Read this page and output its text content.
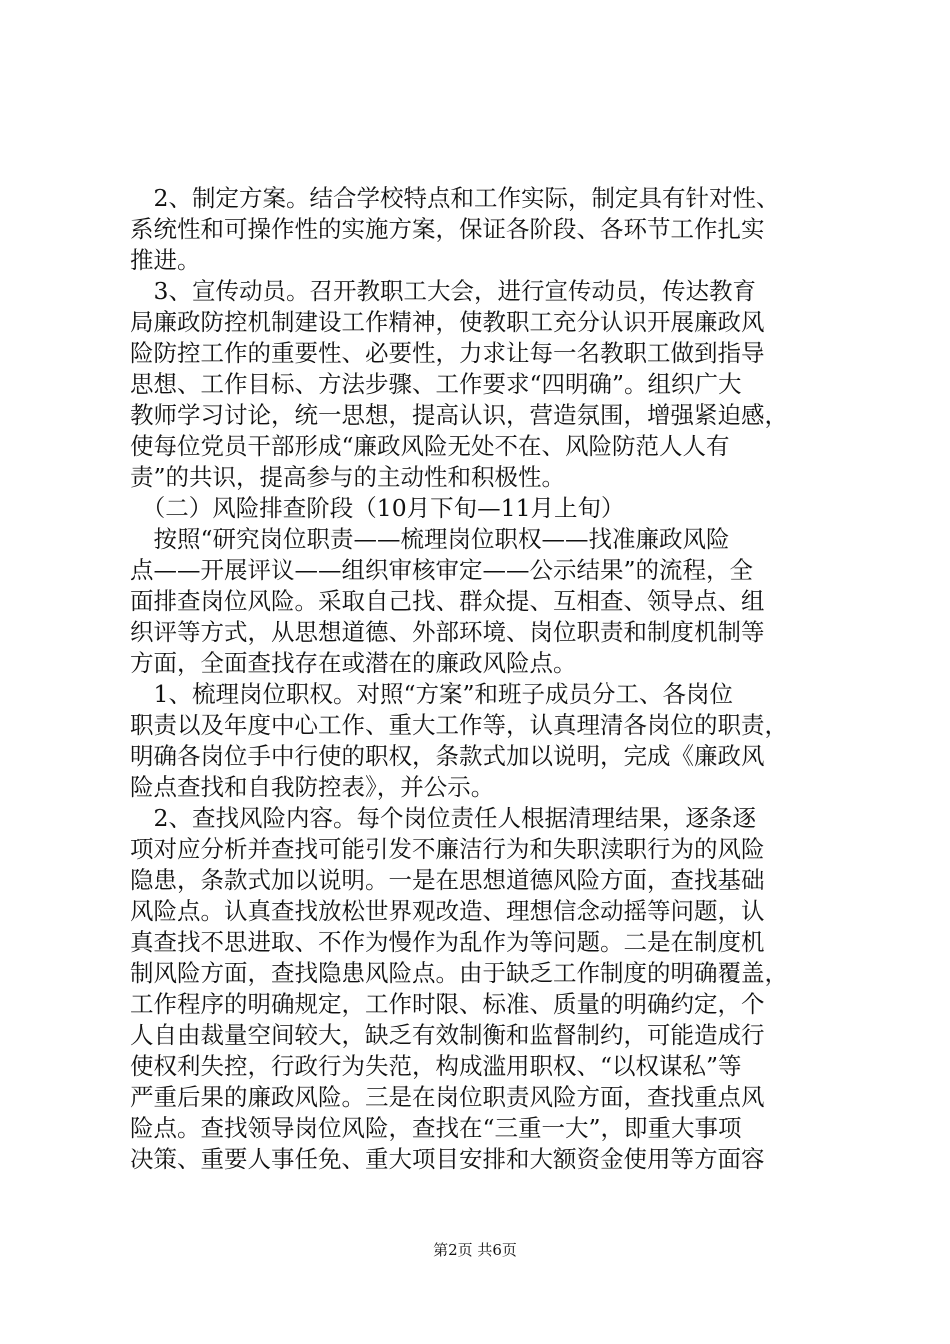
　2、制定方案。结合学校特点和工作实际，制定具有针对性、
系统性和可操作性的实施方案，保证各阶段、各环节工作扎实
推进。
　3、宣传动员。召开教职工大会，进行宣传动员，传达教育
局廉政防控机制建设工作精神，使教职工充分认识开展廉政风
险防控工作的重要性、必要性，力求让每一名教职工做到指导
思想、工作目标、方法步骤、工作要求“四明确”。组织广大
教师学习讨论，统一思想，提高认识，营造氛围，增强紧迫感，
使每位党员干部形成“廉政风险无处不在、风险防范人人有
责”的共识，提高参与的主动性和积极性。
　（二）风险排查阶段（10月下旬—11月上旬）
　按照“研究岗位职责——梳理岗位职权——找准廉政风险
点——开展评议——组织审核审定——公示结果”的流程，全
面排查岗位风险。采取自己找、群众提、互相查、领导点、组
织评等方式，从思想道德、外部环境、岗位职责和制度机制等
方面，全面查找存在或潜在的廉政风险点。
　1、梳理岗位职权。对照“方案”和班子成员分工、各岗位
职责以及年度中心工作、重大工作等，认真理清各岗位的职责，
明确各岗位手中行使的职权，条款式加以说明，完成《廉政风
险点查找和自我防控表》，并公示。
　2、查找风险内容。每个岗位责任人根据清理结果，逐条逐
项对应分析并查找可能引发不廉洁行为和失职渎职行为的风险
隐患，条款式加以说明。一是在思想道德风险方面，查找基础
风险点。认真查找放松世界观改造、理想信念动摇等问题，认
真查找不思进取、不作为慢作为乱作为等问题。二是在制度机
制风险方面，查找隐患风险点。由于缺乏工作制度的明确覆盖，
工作程序的明确规定，工作时限、标准、质量的明确约定，个
人自由裁量空间较大，缺乏有效制衡和监督制约，可能造成行
使权利失控，行政行为失范，构成滥用职权、“以权谋私”等
严重后果的廉政风险。三是在岗位职责风险方面，查找重点风
险点。查找领导岗位风险，查找在“三重一大”，即重大事项
决策、重要人事任免、重大项目安排和大额资金使用等方面容
第2页 共6页
